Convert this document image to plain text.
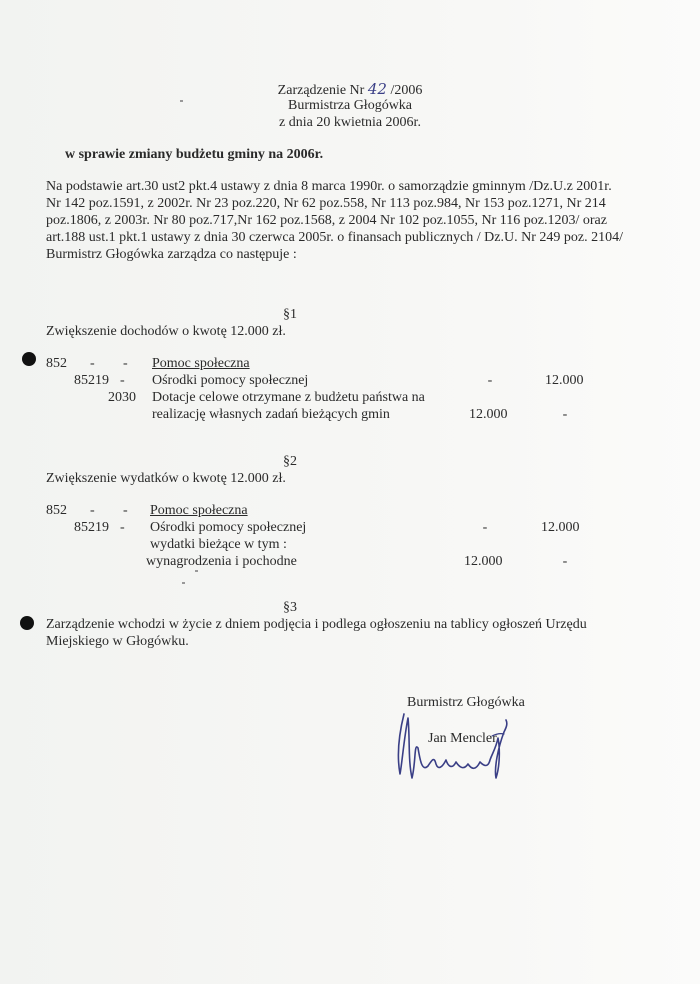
Zarządzenie Nr 42 /2006
Burmistrza Głogówka
z dnia 20 kwietnia 2006r.
w sprawie zmiany budżetu gminy na 2006r.
Na podstawie art.30 ust2 pkt.4 ustawy z dnia 8 marca 1990r. o samorządzie gminnym /Dz.U.z 2001r.
Nr 142 poz.1591, z 2002r. Nr 23 poz.220, Nr 62 poz.558, Nr 113 poz.984, Nr 153 poz.1271, Nr 214
poz.1806, z 2003r. Nr 80 poz.717,Nr 162 poz.1568, z 2004 Nr 102 poz.1055, Nr 116 poz.1203/ oraz
art.188 ust.1 pkt.1 ustawy z dnia 30 czerwca 2005r. o finansach publicznych / Dz.U. Nr 249 poz. 2104/
Burmistrz Głogówka zarządza co następuje :
§1
Zwiększenie dochodów o kwotę 12.000 zł.
852 - - Pomoc społeczna
85219 - Ośrodki pomocy społecznej	-	12.000
2030 Dotacje celowe otrzymane z budżetu państwa na
realizację własnych zadań bieżących gmin	12.000	-
§2
Zwiększenie wydatków o kwotę 12.000 zł.
852 - - Pomoc społeczna
85219 - Ośrodki pomocy społecznej	-	12.000
wydatki bieżące w tym :
wynagrodzenia i pochodne	12.000	-
§3
Zarządzenie wchodzi w życie z dniem podjęcia i podlega ogłoszeniu na tablicy ogłoszeń Urzędu
Miejskiego w Głogówku.
Burmistrz Głogówka
Jan Mencler
